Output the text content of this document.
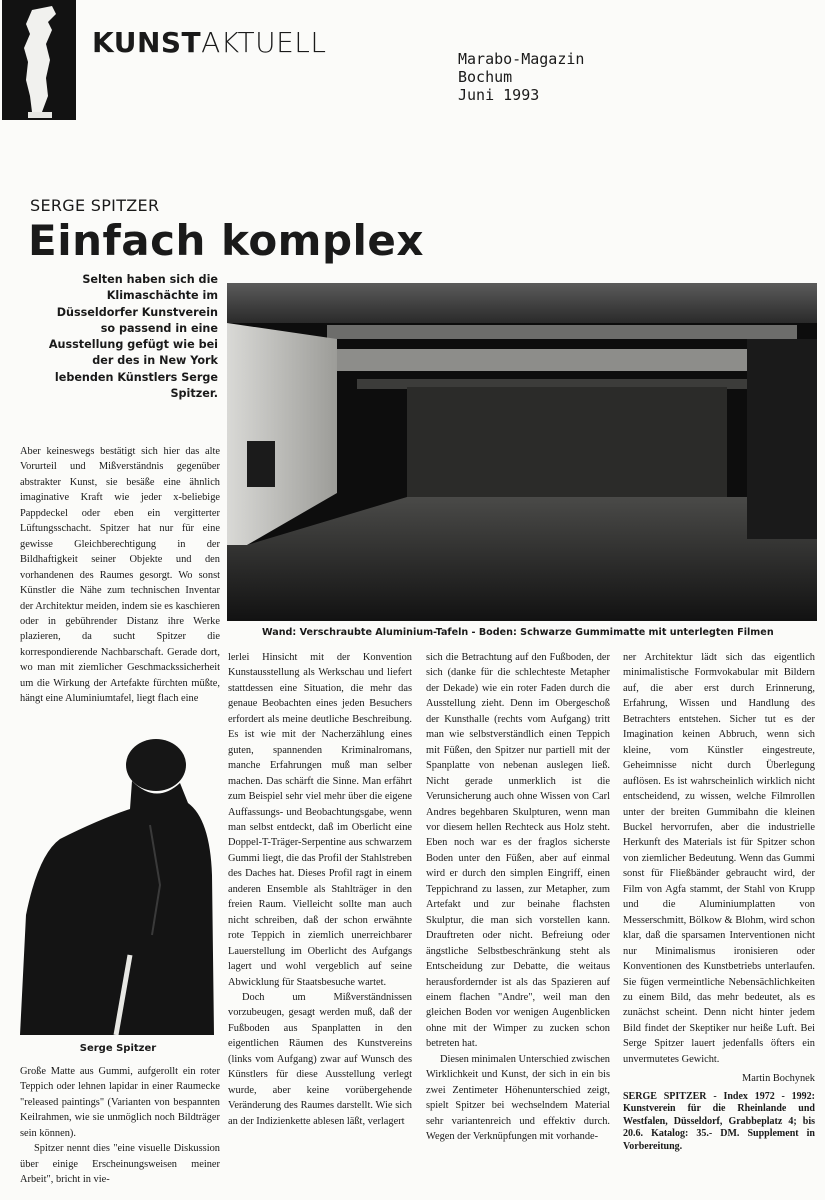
KUNSTAKTUELL	Marabo-Magazin
Bochum
Juni 1993
SERGE SPITZER
Einfach komplex
Selten haben sich die Klimaschächte im Düsseldorfer Kunstverein so passend in eine Ausstellung gefügt wie bei der des in New York lebenden Künstlers Serge Spitzer.
Wand: Verschraubte Aluminium-Tafeln - Boden: Schwarze Gummimatte mit unterlegten Filmen

Aber keineswegs bestätigt sich hier das alte Vorurteil und Mißverständnis gegenüber abstrakter Kunst, sie besäße eine ähnlich imaginative Kraft wie jeder x-beliebige Pappdeckel oder eben ein vergitterter Lüftungsschacht. Spitzer hat nur für eine gewisse Gleichberechtigung in der Bildhaftigkeit seiner Objekte und den vorhandenen des Raumes gesorgt. Wo sonst Künstler die Nähe zum technischen Inventar der Architektur meiden, indem sie es kaschieren oder in gebührender Distanz ihre Werke plazieren, da sucht Spitzer die korrespondierende Nachbarschaft. Gerade dort, wo man mit ziemlicher Geschmackssicherheit um die Wirkung der Artefakte fürchten müßte, hängt eine Aluminiumtafel, liegt flach eine

Serge Spitzer

Große Matte aus Gummi, aufgerollt ein roter Teppich oder lehnen lapidar in einer Raumecke "released paintings" (Varianten von bespannten Keilrahmen, wie sie unmöglich noch Bildträger sein können).

Spitzer nennt dies "eine visuelle Diskussion über einige Erscheinungsweisen meiner Arbeit", bricht in vie-

lerlei Hinsicht mit der Konvention Kunstausstellung als Werkschau und liefert stattdessen eine Situation, die mehr das genaue Beobachten eines jeden Besuchers erfordert als meine deutliche Beschreibung. Es ist wie mit der Nacherzählung eines guten, spannenden Kriminalromans, manche Erfahrungen muß man selber machen. Das schärft die Sinne. Man erfährt zum Beispiel sehr viel mehr über die eigene Auffassungs- und Beobachtungsgabe, wenn man selbst entdeckt, daß im Oberlicht eine Doppel-T-Träger-Serpentine aus schwarzem Gummi liegt, die das Profil der Stahlstreben des Daches hat. Dieses Profil ragt in einem anderen Ensemble als Stahlträger in den freien Raum. Vielleicht sollte man auch nicht schreiben, daß der schon erwähnte rote Teppich in ziemlich unerreichbarer Lauerstellung im Oberlicht des Aufgangs lagert und wohl vergeblich auf seine Abwicklung für Staatsbesuche wartet.

Doch um Mißverständnissen vorzubeugen, gesagt werden muß, daß der Fußboden aus Spanplatten in den eigentlichen Räumen des Kunstvereins (links vom Aufgang) zwar auf Wunsch des Künstlers für diese Ausstellung verlegt wurde, aber keine vorübergehende Veränderung des Raumes darstellt. Wie sich an der Indizienkette ablesen läßt, verlagert

sich die Betrachtung auf den Fußboden, der sich (danke für die schlechteste Metapher der Dekade) wie ein roter Faden durch die Ausstellung zieht. Denn im Obergeschoß der Kunsthalle (rechts vom Aufgang) tritt man wie selbstverständlich einen Teppich mit Füßen, den Spitzer nur partiell mit der Spanplatte von nebenan auslegen ließ. Nicht gerade unmerklich ist die Verunsicherung auch ohne Wissen von Carl Andres begehbaren Skulpturen, wenn man vor diesem hellen Rechteck aus Holz steht. Eben noch war es der fraglos sicherste Boden unter den Füßen, aber auf einmal wird er durch den simplen Eingriff, einen Teppichrand zu lassen, zur Metapher, zum Artefakt und zur beinahe flachsten Skulptur, die man sich vorstellen kann. Drauftreten oder nicht. Befreiung oder ängstliche Selbstbeschränkung steht als Entscheidung zur Debatte, die weitaus herausfordernder ist als das Spazieren auf einem flachen "Andre", weil man den gleichen Boden vor wenigen Augenblicken ohne mit der Wimper zu zucken schon betreten hat.

Diesen minimalen Unterschied zwischen Wirklichkeit und Kunst, der sich in ein bis zwei Zentimeter Höhenunterschied zeigt, spielt Spitzer bei wechselndem Material sehr variantenreich und effektiv durch. Wegen der Verknüpfungen mit vorhande-

ner Architektur lädt sich das eigentlich minimalistische Formvokabular mit Bildern auf, die aber erst durch Erinnerung, Erfahrung, Wissen und Handlung des Betrachters entstehen. Sicher tut es der Imagination keinen Abbruch, wenn sich kleine, vom Künstler eingestreute, Geheimnisse nicht durch Überlegung auflösen. Es ist wahrscheinlich wirklich nicht entscheidend, zu wissen, welche Filmrollen unter der breiten Gummibahn die kleinen Buckel hervorrufen, aber die industrielle Herkunft des Materials ist für Spitzer schon von ziemlicher Bedeutung. Wenn das Gummi sonst für Fließbänder gebraucht wird, der Film von Agfa stammt, der Stahl von Krupp und die Aluminiumplatten von Messerschmitt, Bölkow & Blohm, wird schon klar, daß die sparsamen Interventionen nicht nur Minimalismus ironisieren oder Konventionen des Kunstbetriebs unterlaufen. Sie fügen vermeintliche Nebensächlichkeiten zu einem Bild, das mehr bedeutet, als es zunächst scheint. Denn nicht hinter jedem Bild findet der Skeptiker nur heiße Luft. Bei Serge Spitzer lauert jedenfalls öfters ein unvermutetes Gewicht.

Martin Bochynek
SERGE SPITZER - Index 1972 - 1992: Kunstverein für die Rheinlande und Westfalen, Düsseldorf, Grabbeplatz 4; bis 20.6. Katalog: 35.- DM. Supplement in Vorbereitung.
